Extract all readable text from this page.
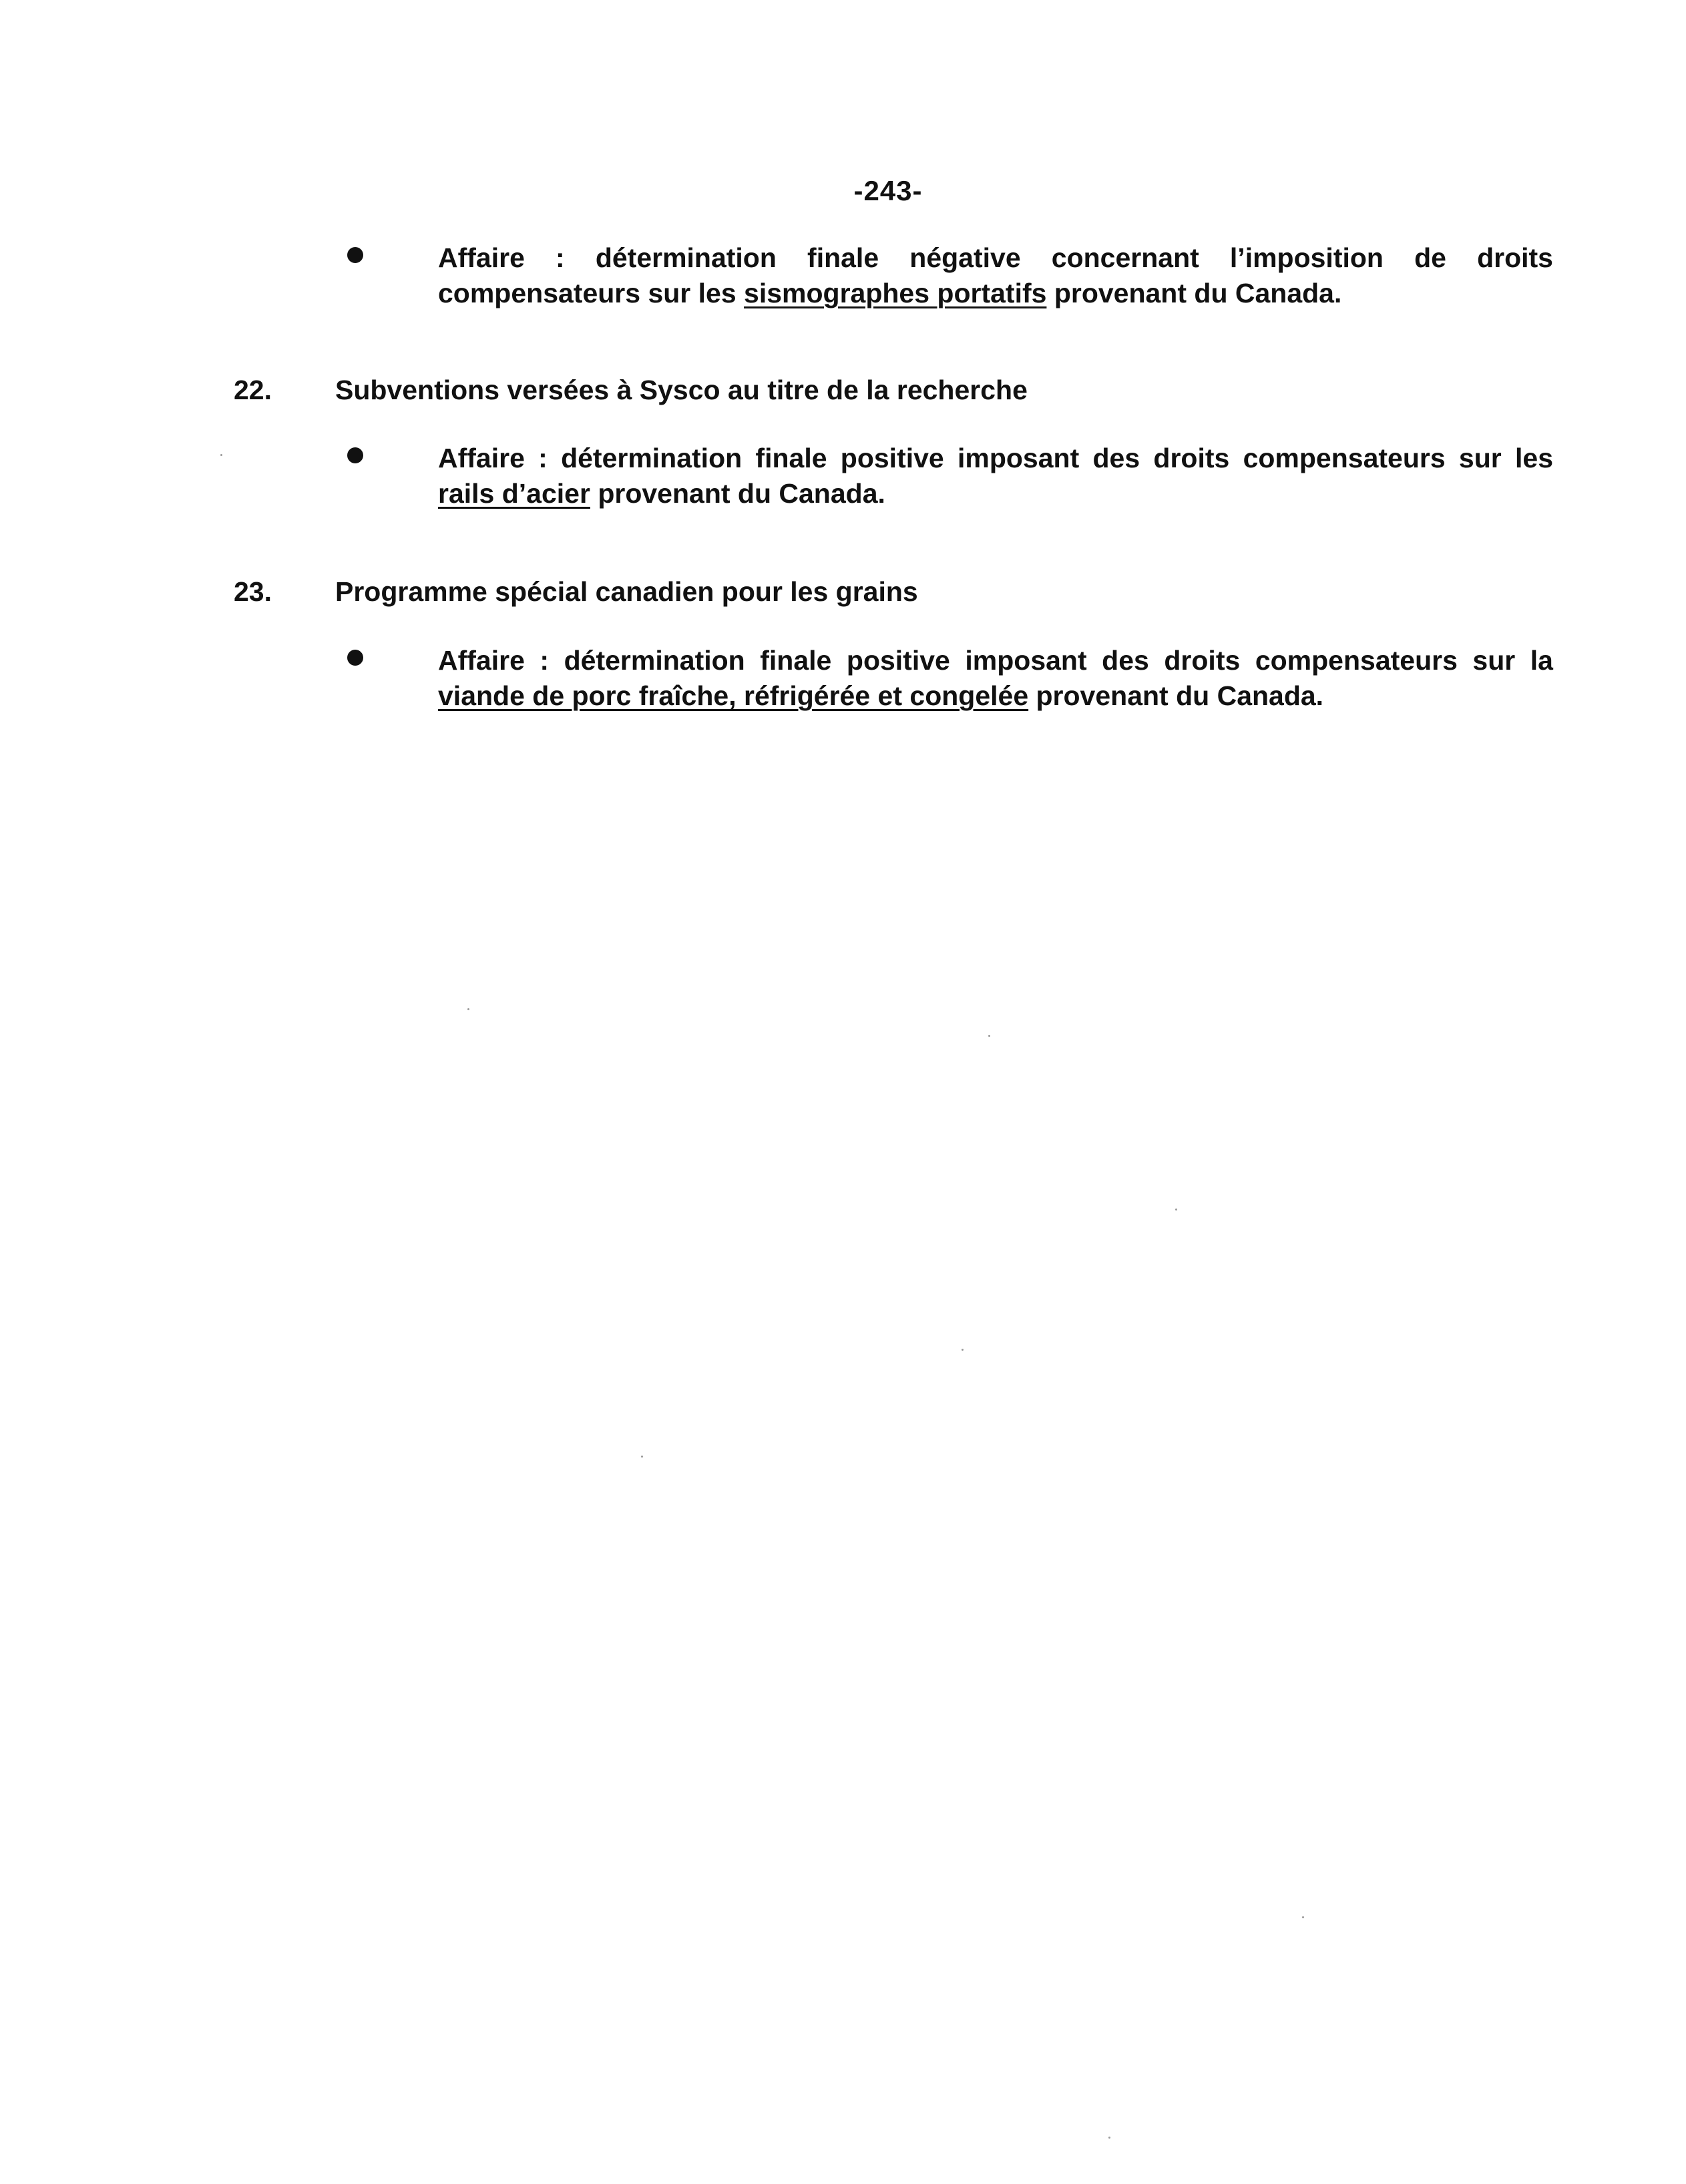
-243-
Affaire : détermination finale négative concernant l’imposition de droits compensateurs sur les sismographes portatifs provenant du Canada.
22. Subventions versées à Sysco au titre de la recherche
Affaire : détermination finale positive imposant des droits compensateurs sur les rails d’acier provenant du Canada.
23. Programme spécial canadien pour les grains
Affaire : détermination finale positive imposant des droits compensateurs sur la viande de porc fraîche, réfrigérée et congelée provenant du Canada.
